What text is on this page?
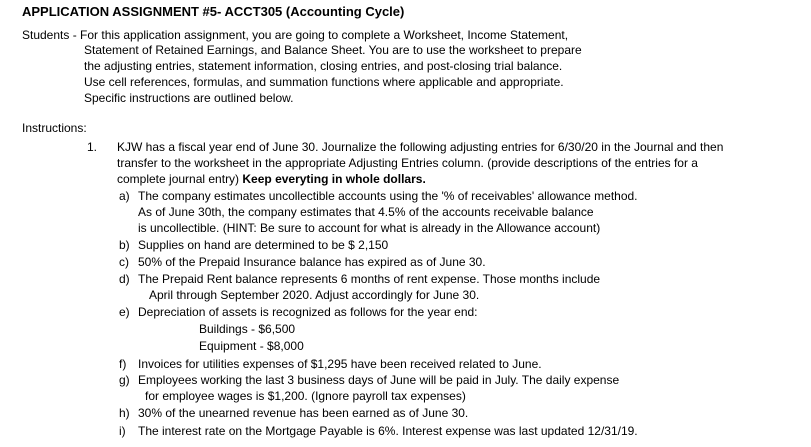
APPLICATION ASSIGNMENT #5- ACCT305 (Accounting Cycle)
Students - For this application assignment, you are going to complete a Worksheet, Income Statement,
Statement of Retained Earnings, and Balance Sheet. You are to use the worksheet to prepare
the adjusting entries, statement information, closing entries, and post-closing trial balance.
Use cell references, formulas, and summation functions where applicable and appropriate.
Specific instructions are outlined below.
Instructions:
1. KJW has a fiscal year end of June 30. Journalize the following adjusting entries for 6/30/20 in the Journal and then
transfer to the worksheet in the appropriate Adjusting Entries column. (provide descriptions of the entries for a
complete journal entry) Keep everyting in whole dollars.
a) The company estimates uncollectible accounts using the '% of receivables' allowance method.
As of June 30th, the company estimates that 4.5% of the accounts receivable balance
is uncollectible. (HINT: Be sure to account for what is already in the Allowance account)
b) Supplies on hand are determined to be $ 2,150
c) 50% of the Prepaid Insurance balance has expired as of June 30.
d) The Prepaid Rent balance represents 6 months of rent expense. Those months include
April through September 2020. Adjust accordingly for June 30.
e) Depreciation of assets is recognized as follows for the year end:
Buildings - $6,500
Equipment - $8,000
f) Invoices for utilities expenses of $1,295 have been received related to June.
g) Employees working the last 3 business days of June will be paid in July. The daily expense
for employee wages is $1,200. (Ignore payroll tax expenses)
h) 30% of the unearned revenue has been earned as of June 30.
i) The interest rate on the Mortgage Payable is 6%. Interest expense was last updated 12/31/19.
